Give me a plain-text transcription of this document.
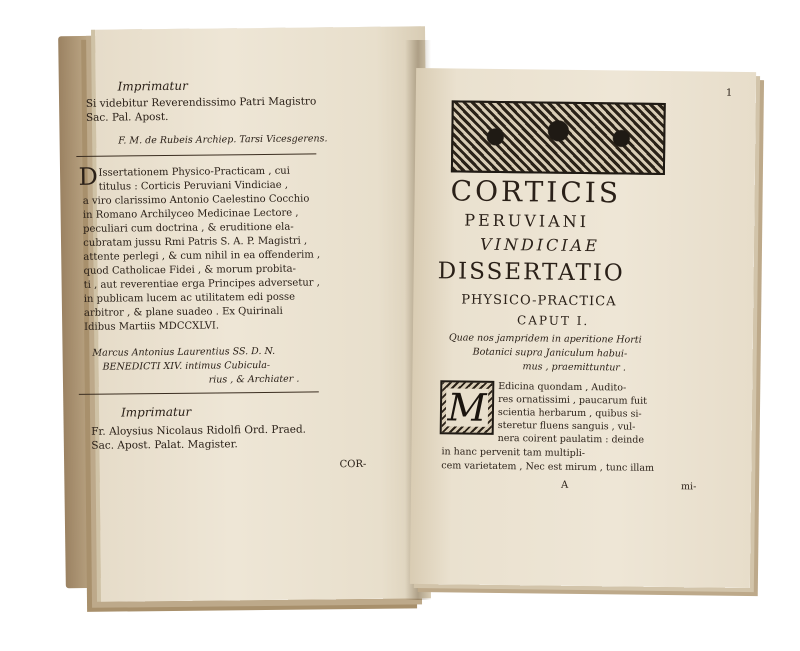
Imprimatur
Si videbitur Reverendissimo Patri Magistro
Sac. Pal. Apost.
F. M. de Rubeis Archiep. Tarsi Vicesgerens.
D Issertationem Physico-Practicam , cui
titulus : Corticis Peruviani Vindiciae ,
a viro clarissimo Antonio Caelestino Cocchio
in Romano Archilyceo Medicinae Lectore ,
peculiari cum doctrina , & eruditione ela-
cubratam jussu Rmi Patris S. A. P. Magistri ,
attente perlegi , & cum nihil in ea offenderim ,
quod Catholicae Fidei , & morum probita-
ti , aut reverentiae erga Principes adversetur ,
in publicam lucem ac utilitatem edi posse
arbitror , & plane suadeo . Ex Quirinali
Idibus Martiis MDCCXLVI.
Marcus Antonius Laurentius SS. D. N.
BENEDICTI XIV. intimus Cubicula-
rius , & Archiater .
Imprimatur
Fr. Aloysius Nicolaus Ridolfi Ord. Praed.
Sac. Apost. Palat. Magister.
COR-
1
CORTICIS
PERUVIANI
VINDICIAE
DISSERTATIO
PHYSICO-PRACTICA
CAPUT I.
Quae nos jampridem in aperitione Horti
Botanici supra Janiculum habui-
mus , praemittuntur .
M Edicina quondam , Audito-
res ornatissimi , paucarum fuit
scientia herbarum , quibus si-
steretur fluens sanguis , vul-
nera coirent paulatim : deinde
in hanc pervenit tam multipli-
cem varietatem , Nec est mirum , tunc illam
A	mi-
